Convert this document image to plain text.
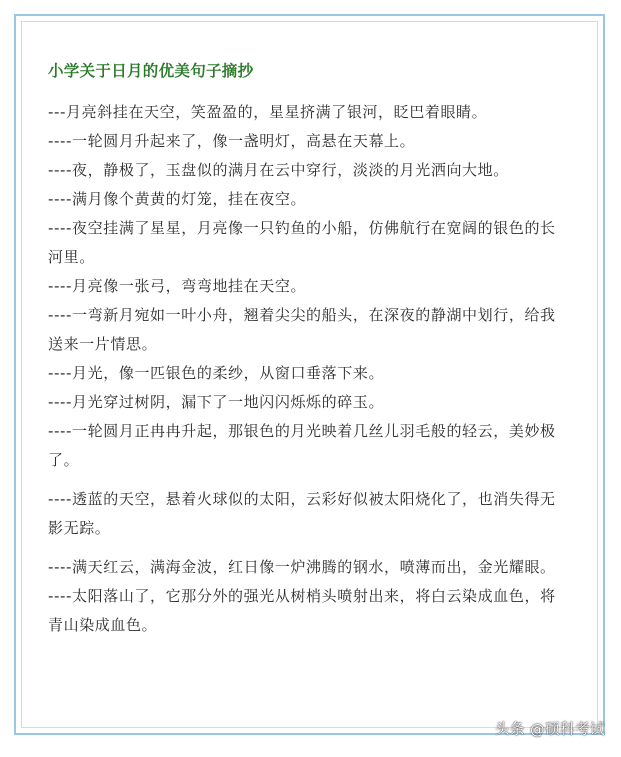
小学关于日月的优美句子摘抄
---月亮斜挂在天空，笑盈盈的，星星挤满了银河，眨巴着眼睛。
----一轮圆月升起来了，像一盏明灯，高悬在天幕上。
----夜，静极了，玉盘似的满月在云中穿行，淡淡的月光洒向大地。
----满月像个黄黄的灯笼，挂在夜空。
----夜空挂满了星星，月亮像一只钓鱼的小船，仿佛航行在宽阔的银色的长河里。
----月亮像一张弓，弯弯地挂在天空。
----一弯新月宛如一叶小舟，翘着尖尖的船头，在深夜的静湖中划行，给我送来一片情思。
----月光，像一匹银色的柔纱，从窗口垂落下来。
----月光穿过树阴，漏下了一地闪闪烁烁的碎玉。
----一轮圆月正冉冉升起，那银色的月光映着几丝儿羽毛般的轻云，美妙极了。
----透蓝的天空，悬着火球似的太阳，云彩好似被太阳烧化了，也消失得无影无踪。
----满天红云，满海金波，红日像一炉沸腾的钢水，喷薄而出，金光耀眼。
----太阳落山了，它那分外的强光从树梢头喷射出来，将白云染成血色，将青山染成血色。
头条 @硕科考试
